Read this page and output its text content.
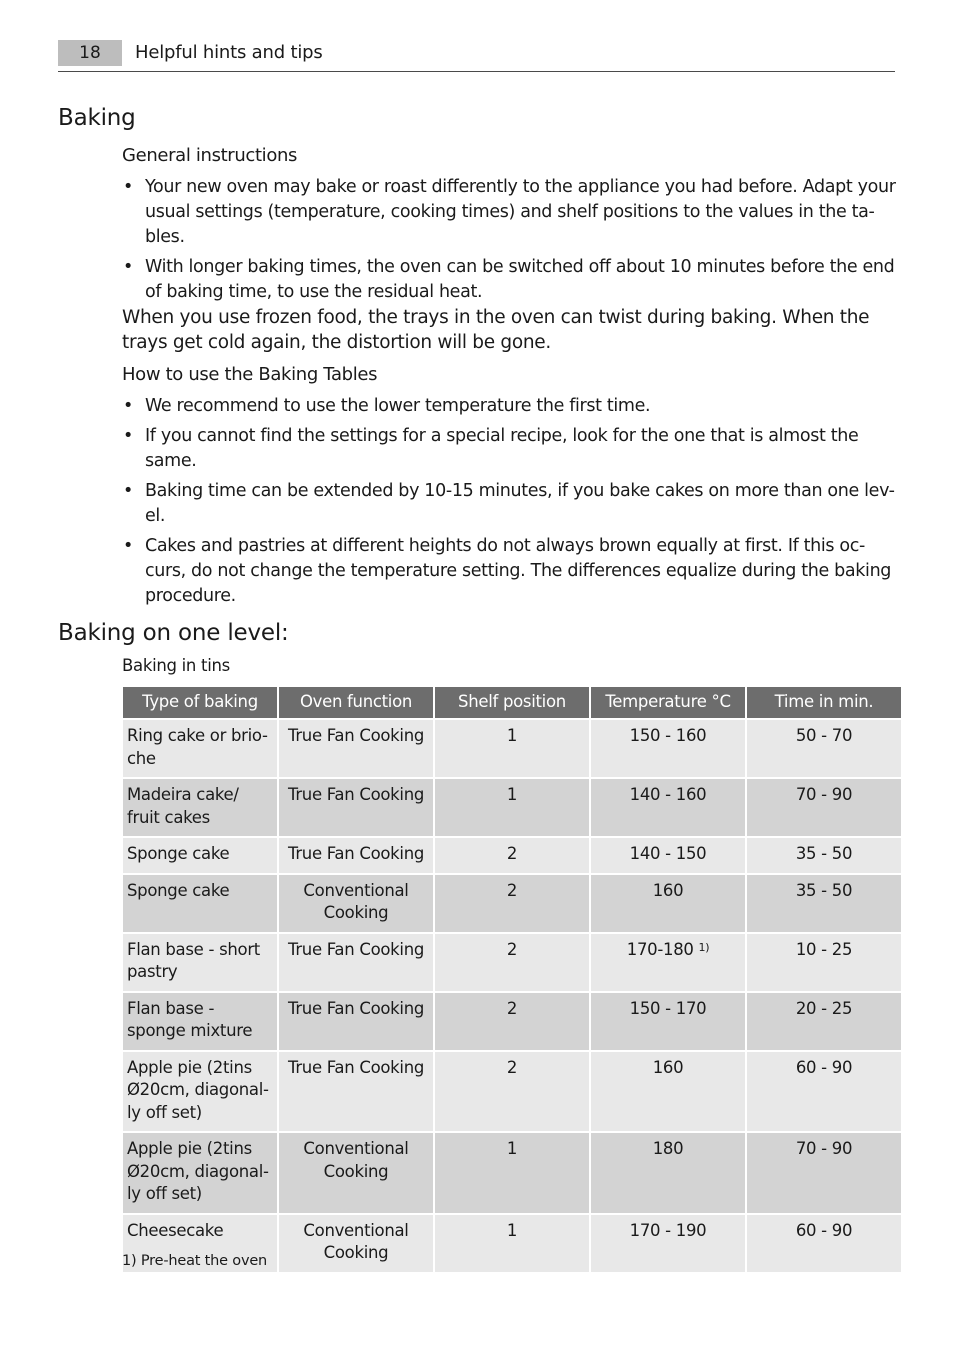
18	Helpful hints and tips
Baking
General instructions
• Your new oven may bake or roast differently to the appliance you had before. Adapt your usual settings (temperature, cooking times) and shelf positions to the values in the ta-bles.
• With longer baking times, the oven can be switched off about 10 minutes before the end of baking time, to use the residual heat.

When you use frozen food, the trays in the oven can twist during baking. When the trays get cold again, the distortion will be gone.

How to use the Baking Tables
• We recommend to use the lower temperature the first time.
• If you cannot find the settings for a special recipe, look for the one that is almost the same.
• Baking time can be extended by 10-15 minutes, if you bake cakes on more than one lev-el.
• Cakes and pastries at different heights do not always brown equally at first. If this oc-curs, do not change the temperature setting. The differences equalize during the baking procedure.
Baking on one level:
Baking in tins
Type of baking	Oven function	Shelf position	Temperature °C	Time in min.
Ring cake or brio-che	True Fan Cooking	1	150 - 160	50 - 70
Madeira cake/ fruit cakes	True Fan Cooking	1	140 - 160	70 - 90
Sponge cake	True Fan Cooking	2	140 - 150	35 - 50
Sponge cake	Conventional Cooking	2	160	35 - 50
Flan base - short pastry	True Fan Cooking	2	170-180 $^{1)}$	10 - 25
Flan base - sponge mixture	True Fan Cooking	2	150 - 170	20 - 25
Apple pie (2tins Ø20cm, diagonal-ly off set)	True Fan Cooking	2	160	60 - 90
Apple pie (2tins Ø20cm, diagonal-ly off set)	Conventional Cooking	1	180	70 - 90
Cheesecake	Conventional Cooking	1	170 - 190	60 - 90
1) Pre-heat the oven
